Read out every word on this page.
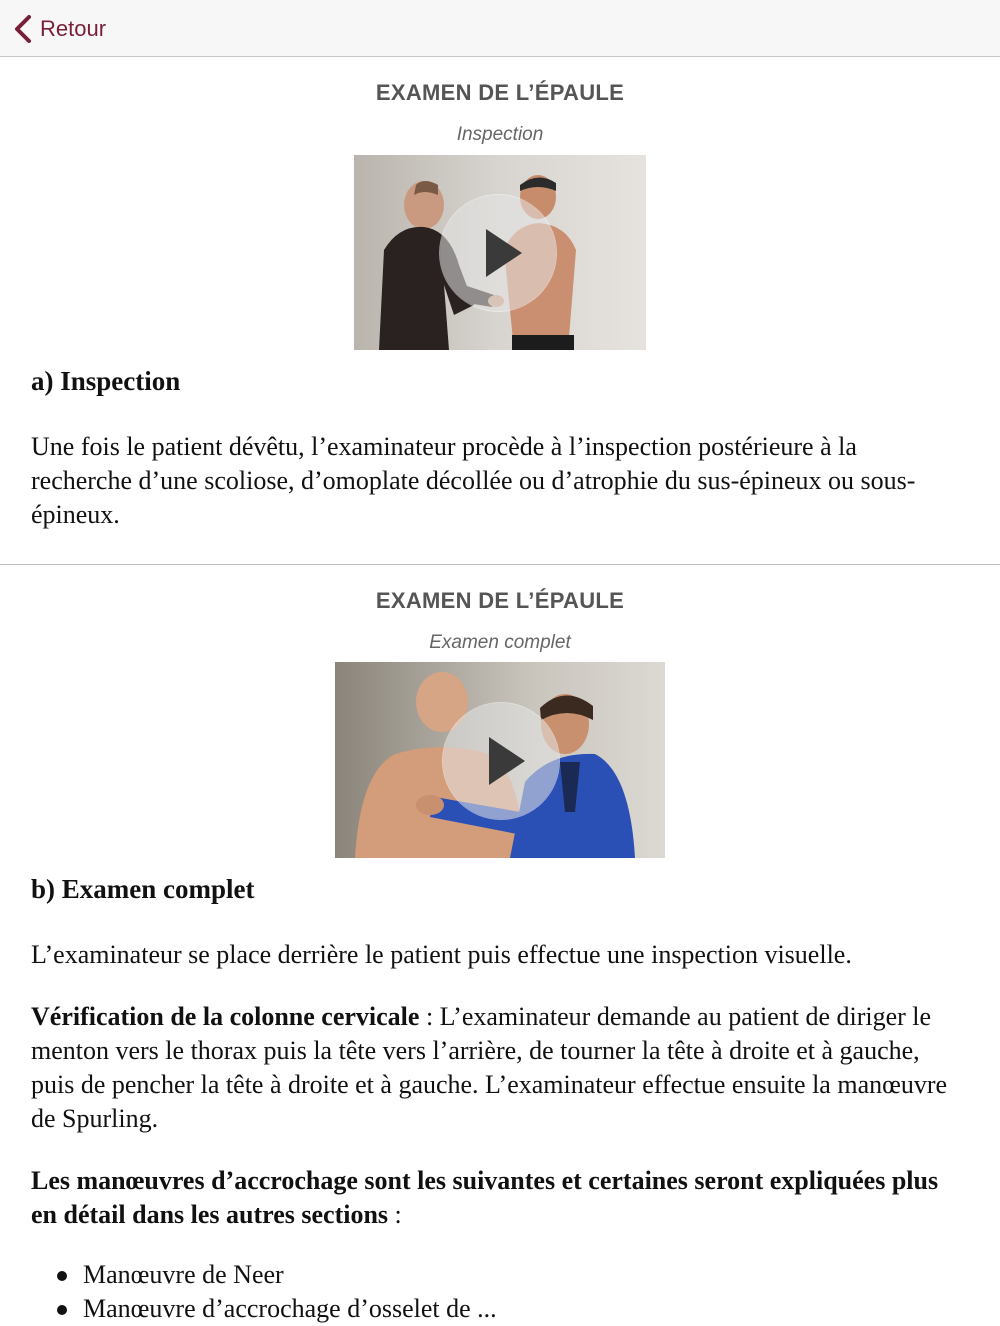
Retour
EXAMEN DE L’ÉPAULE
Inspection
a) Inspection
Une fois le patient dévêtu, l’examinateur procède à l’inspection postérieure à la recherche d’une scoliose, d’omoplate décollée ou d’atrophie du sus-épineux ou sous-épineux.
EXAMEN DE L’ÉPAULE
Examen complet
b) Examen complet
L’examinateur se place derrière le patient puis effectue une inspection visuelle.
Vérification de la colonne cervicale : L’examinateur demande au patient de diriger le menton vers le thorax puis la tête vers l’arrière, de tourner la tête à droite et à gauche, puis de pencher la tête à droite et à gauche. L’examinateur effectue ensuite la manœuvre de Spurling.
Les manœuvres d’accrochage sont les suivantes et certaines seront expliquées plus en détail dans les autres sections :
Manœuvre de Neer
Manœuvre d’accrochage d’osselet de ...
